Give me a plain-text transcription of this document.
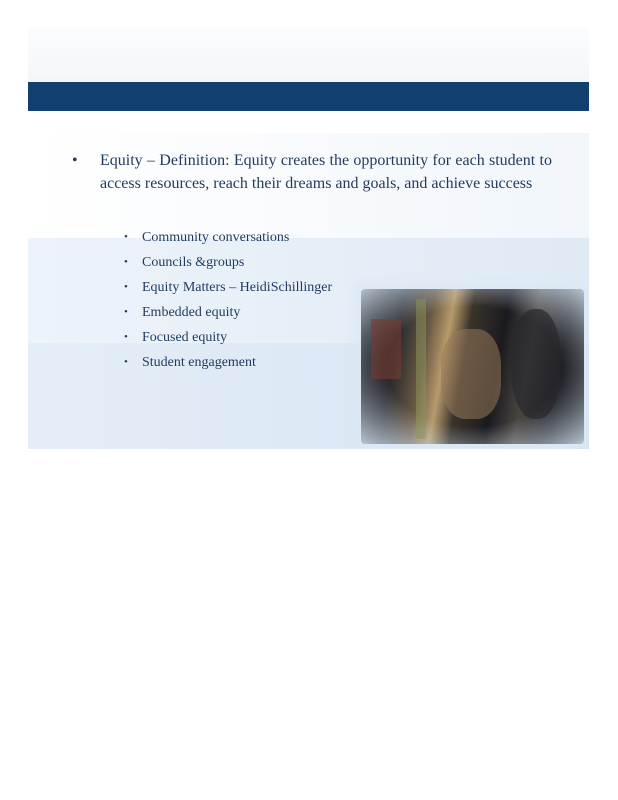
• Equity – Definition: Equity creates the opportunity for each student to access resources, reach their dreams and goals, and achieve success
• Community conversations
• Councils &groups
• Equity Matters – HeidiSchillinger
• Embedded equity
• Focused equity
• Student engagement
